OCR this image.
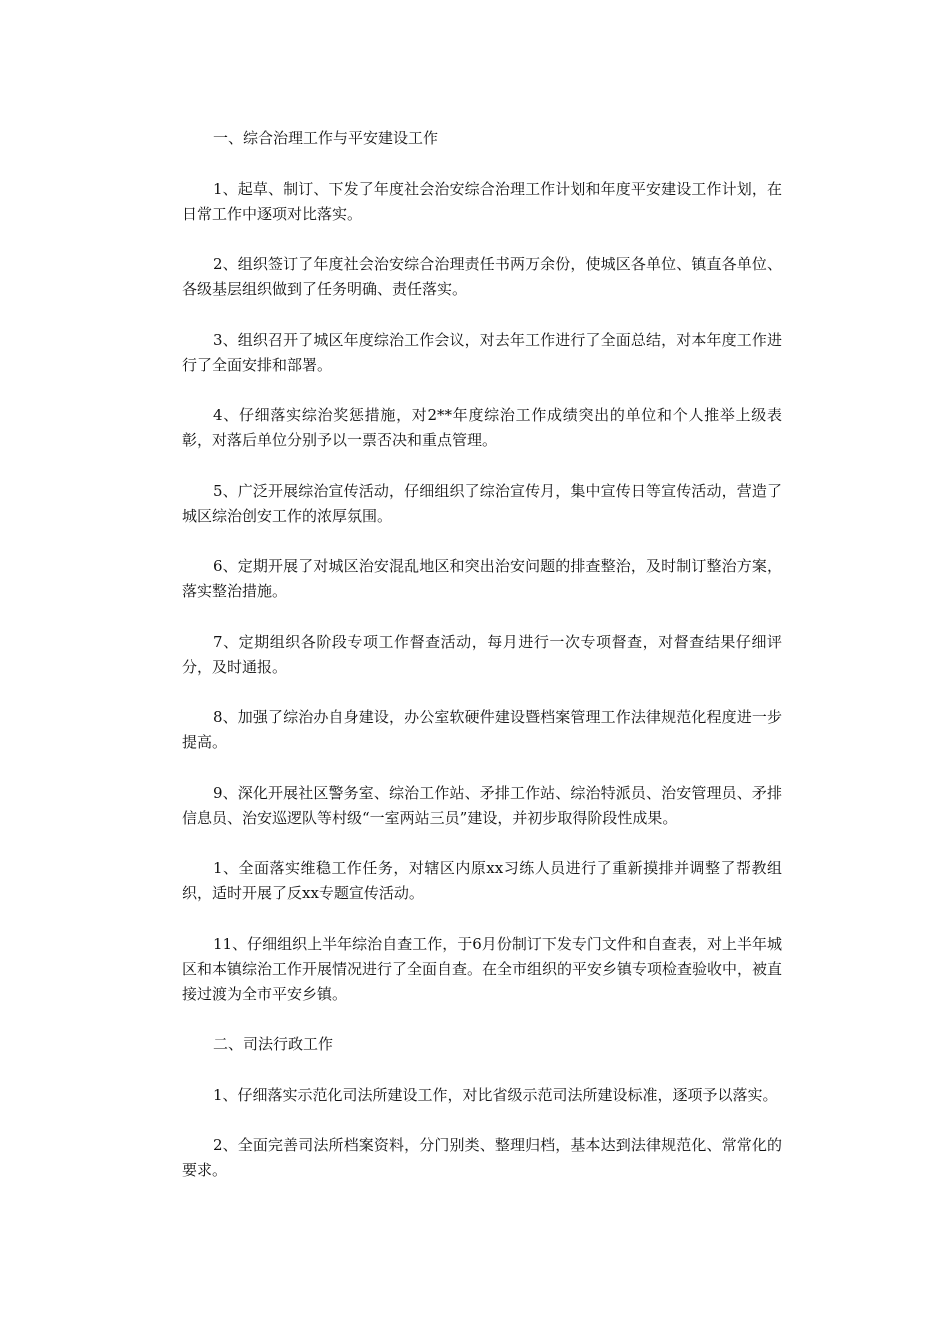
一、综合治理工作与平安建设工作

1、起草、制订、下发了年度社会治安综合治理工作计划和年度平安建设工作计划，在日常工作中逐项对比落实。

2、组织签订了年度社会治安综合治理责任书两万余份，使城区各单位、镇直各单位、各级基层组织做到了任务明确、责任落实。

3、组织召开了城区年度综治工作会议，对去年工作进行了全面总结，对本年度工作进行了全面安排和部署。

4、仔细落实综治奖惩措施，对2**年度综治工作成绩突出的单位和个人推举上级表彰，对落后单位分别予以一票否决和重点管理。

5、广泛开展综治宣传活动，仔细组织了综治宣传月，集中宣传日等宣传活动，营造了城区综治创安工作的浓厚氛围。

6、定期开展了对城区治安混乱地区和突出治安问题的排查整治，及时制订整治方案，落实整治措施。

7、定期组织各阶段专项工作督查活动，每月进行一次专项督查，对督查结果仔细评分，及时通报。

8、加强了综治办自身建设，办公室软硬件建设暨档案管理工作法律规范化程度进一步提高。

9、深化开展社区警务室、综治工作站、矛排工作站、综治特派员、治安管理员、矛排信息员、治安巡逻队等村级“一室两站三员”建设，并初步取得阶段性成果。

1、全面落实维稳工作任务，对辖区内原xx习练人员进行了重新摸排并调整了帮教组织，适时开展了反xx专题宣传活动。

11、仔细组织上半年综治自查工作，于6月份制订下发专门文件和自查表，对上半年城区和本镇综治工作开展情况进行了全面自查。在全市组织的平安乡镇专项检查验收中，被直接过渡为全市平安乡镇。

二、司法行政工作

1、仔细落实示范化司法所建设工作，对比省级示范司法所建设标准，逐项予以落实。

2、全面完善司法所档案资料，分门别类、整理归档，基本达到法律规范化、常常化的要求。
